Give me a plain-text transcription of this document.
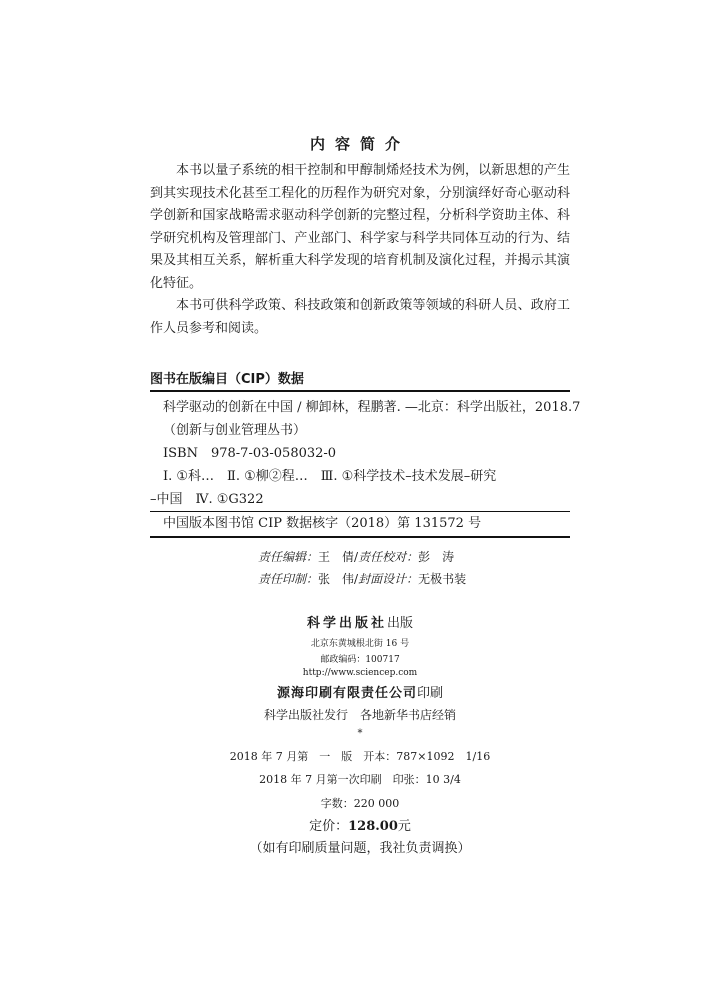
内容简介

本书以量子系统的相干控制和甲醇制烯烃技术为例，以新思想的产生到其实现技术化甚至工程化的历程作为研究对象，分别演绎好奇心驱动科学创新和国家战略需求驱动科学创新的完整过程，分析科学资助主体、科学研究机构及管理部门、产业部门、科学家与科学共同体互动的行为、结果及其相互关系，解析重大科学发现的培育机制及演化过程，并揭示其演化特征。

本书可供科学政策、科技政策和创新政策等领域的科研人员、政府工作人员参考和阅读。

图书在版编目（CIP）数据
科学驱动的创新在中国 / 柳卸林，程鹏著. —北京：科学出版社，2018.7
（创新与创业管理丛书）
ISBN　978-7-03-058032-0
Ⅰ. ①科…　Ⅱ. ①柳②程…　Ⅲ. ①科学技术–技术发展–研究
–中国　Ⅳ. ①G322
中国版本图书馆 CIP 数据核字（2018）第 131572 号
责任编辑：王　倩/责任校对：彭　涛
责任印制：张　伟/封面设计：无极书装
科学出版社出版
北京东黄城根北街 16 号
邮政编码：100717
http://www.sciencep.com
源海印刷有限责任公司印刷
科学出版社发行　各地新华书店经销
*
2018 年 7 月第　一　版　开本：787×1092　1/16
2018 年 7 月第一次印刷　印张：10 3/4
字数：220 000
定价：128.00元
（如有印刷质量问题，我社负责调换）
